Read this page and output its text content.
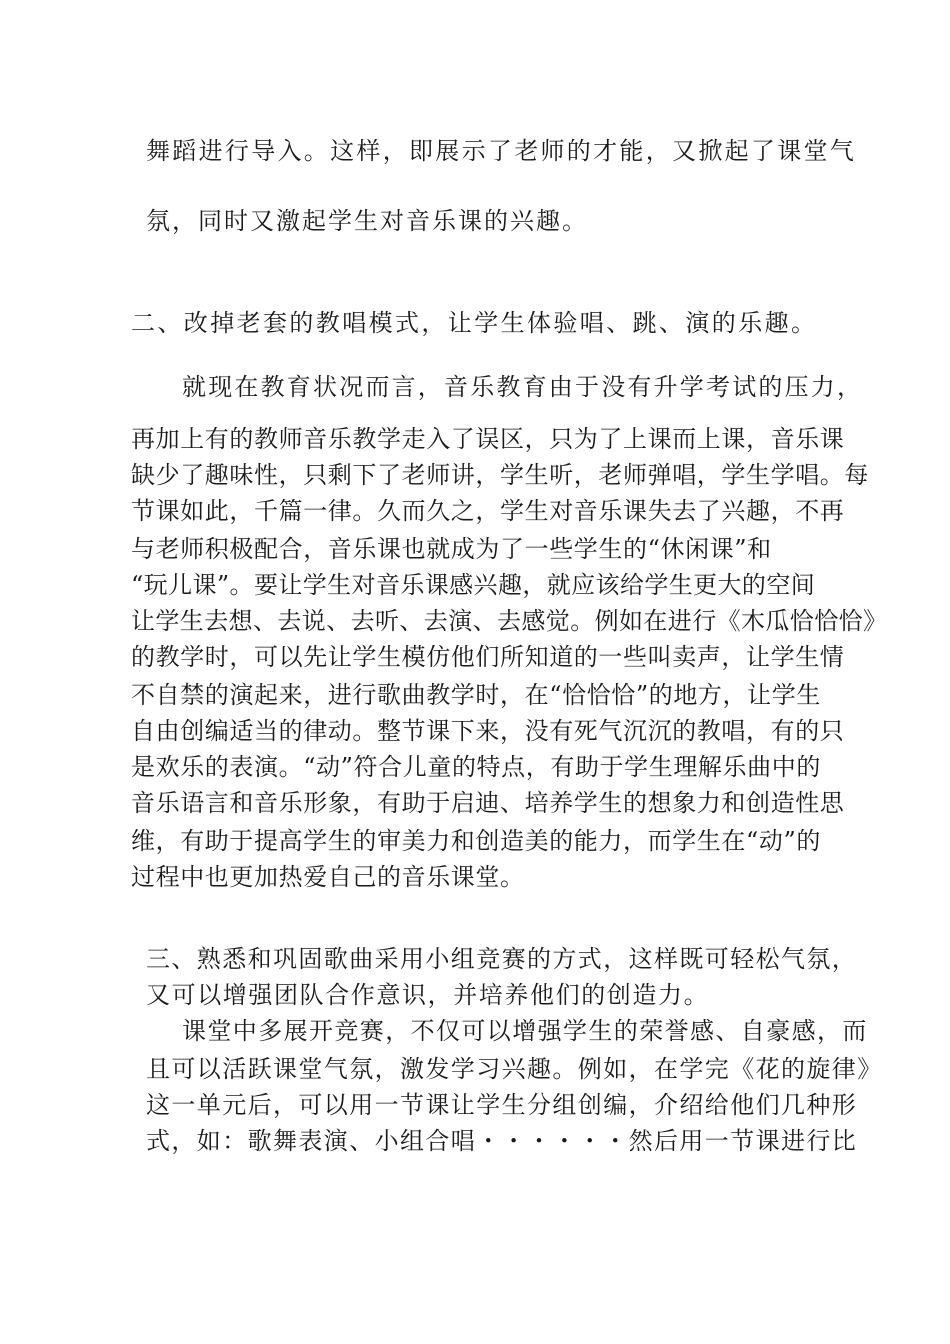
舞蹈进行导入。这样，即展示了老师的才能，又掀起了课堂气
氛，同时又激起学生对音乐课的兴趣。
二、改掉老套的教唱模式，让学生体验唱、跳、演的乐趣。
就现在教育状况而言，音乐教育由于没有升学考试的压力，
再加上有的教师音乐教学走入了误区，只为了上课而上课，音乐课
缺少了趣味性，只剩下了老师讲，学生听，老师弹唱，学生学唱。每
节课如此，千篇一律。久而久之，学生对音乐课失去了兴趣，不再
与老师积极配合，音乐课也就成为了一些学生的“休闲课”和
“玩儿课”。要让学生对音乐课感兴趣，就应该给学生更大的空间
让学生去想、去说、去听、去演、去感觉。例如在进行《木瓜恰恰恰》
的教学时，可以先让学生模仿他们所知道的一些叫卖声，让学生情
不自禁的演起来，进行歌曲教学时，在“恰恰恰”的地方，让学生
自由创编适当的律动。整节课下来，没有死气沉沉的教唱，有的只
是欢乐的表演。“动”符合儿童的特点，有助于学生理解乐曲中的
音乐语言和音乐形象，有助于启迪、培养学生的想象力和创造性思
维，有助于提高学生的审美力和创造美的能力，而学生在“动”的
过程中也更加热爱自己的音乐课堂。
三、熟悉和巩固歌曲采用小组竞赛的方式，这样既可轻松气氛，
又可以增强团队合作意识，并培养他们的创造力。
课堂中多展开竞赛，不仅可以增强学生的荣誉感、自豪感，而
且可以活跃课堂气氛，激发学习兴趣。例如，在学完《花的旋律》
这一单元后，可以用一节课让学生分组创编，介绍给他们几种形
式，如：歌舞表演、小组合唱・・・・・・然后用一节课进行比
